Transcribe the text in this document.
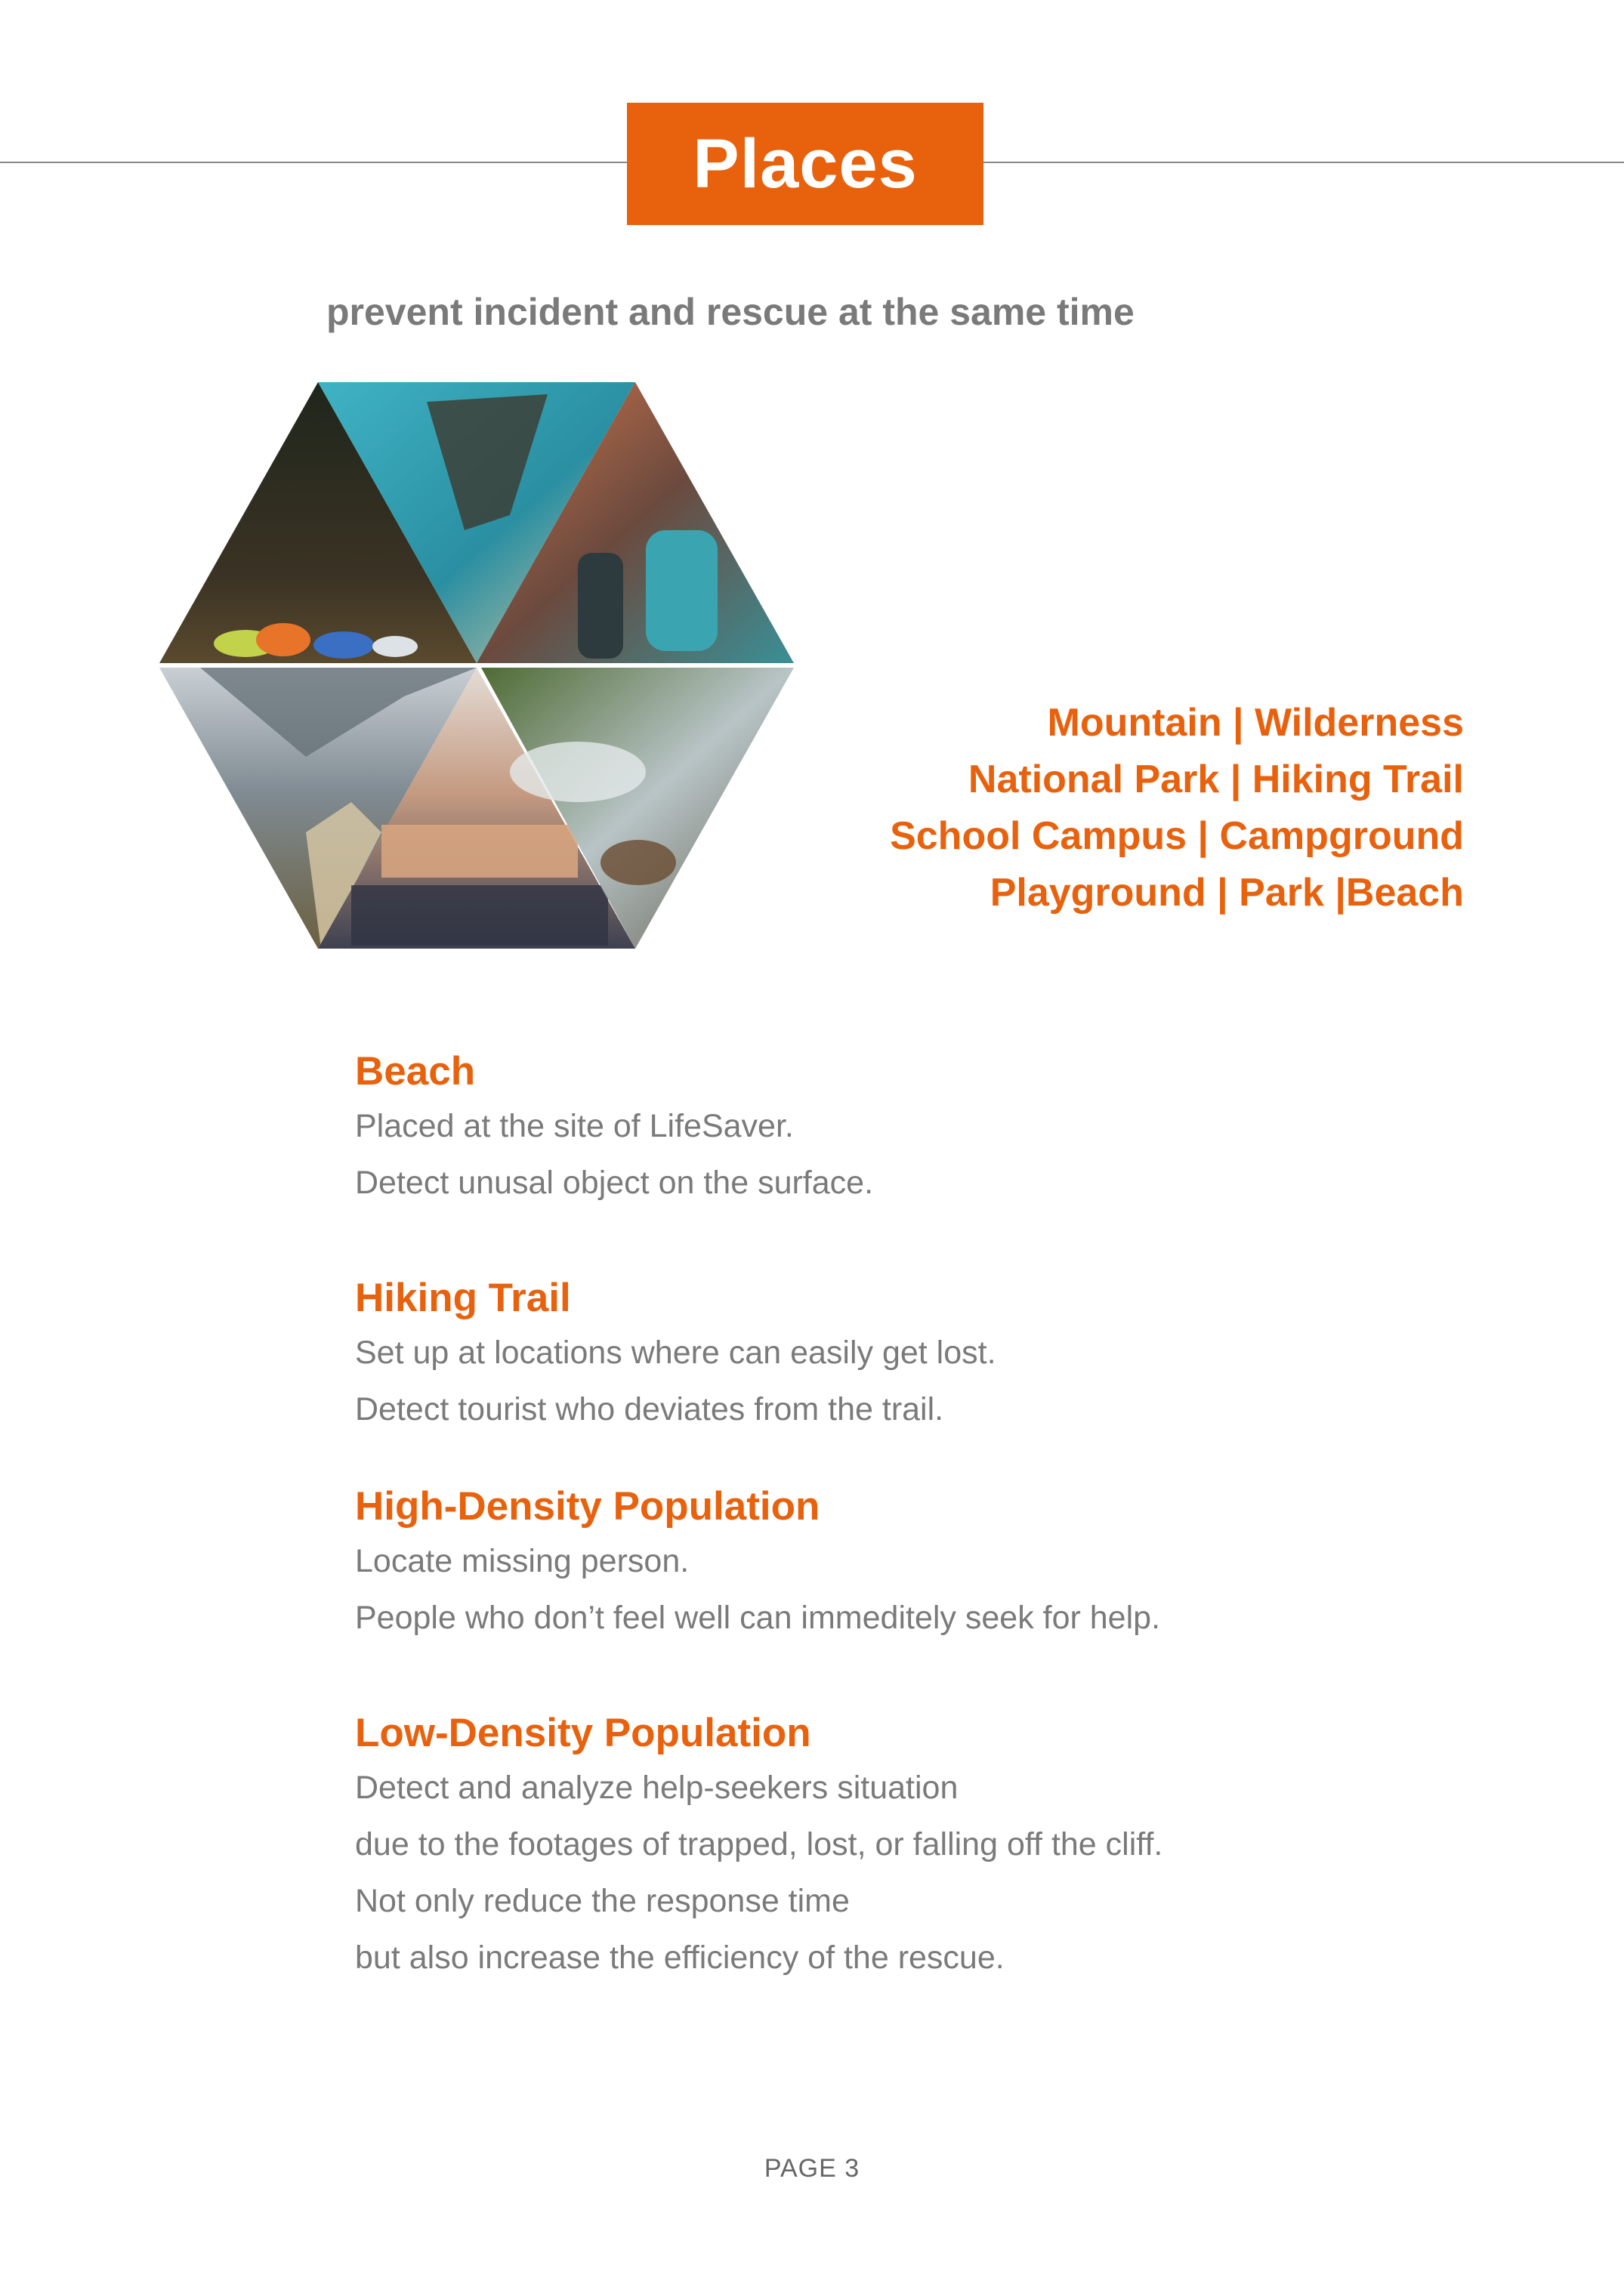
Places
prevent incident and rescue at the same time
Mountain | Wilderness
National Park | Hiking Trail
School Campus | Campground
Playground | Park |Beach

Beach

Placed at the site of LifeSaver.

Detect unusal object on the surface.

Hiking Trail

Set up at locations where can easily get lost.

Detect tourist who deviates from the trail.

High-Density Population

Locate missing person.

People who don’t feel well can immeditely seek for help.

Low-Density Population

Detect and analyze help-seekers situation

due to the footages of trapped, lost, or falling off the cliff.

Not only reduce the response time

but also increase the efficiency of the rescue.

PAGE 3
